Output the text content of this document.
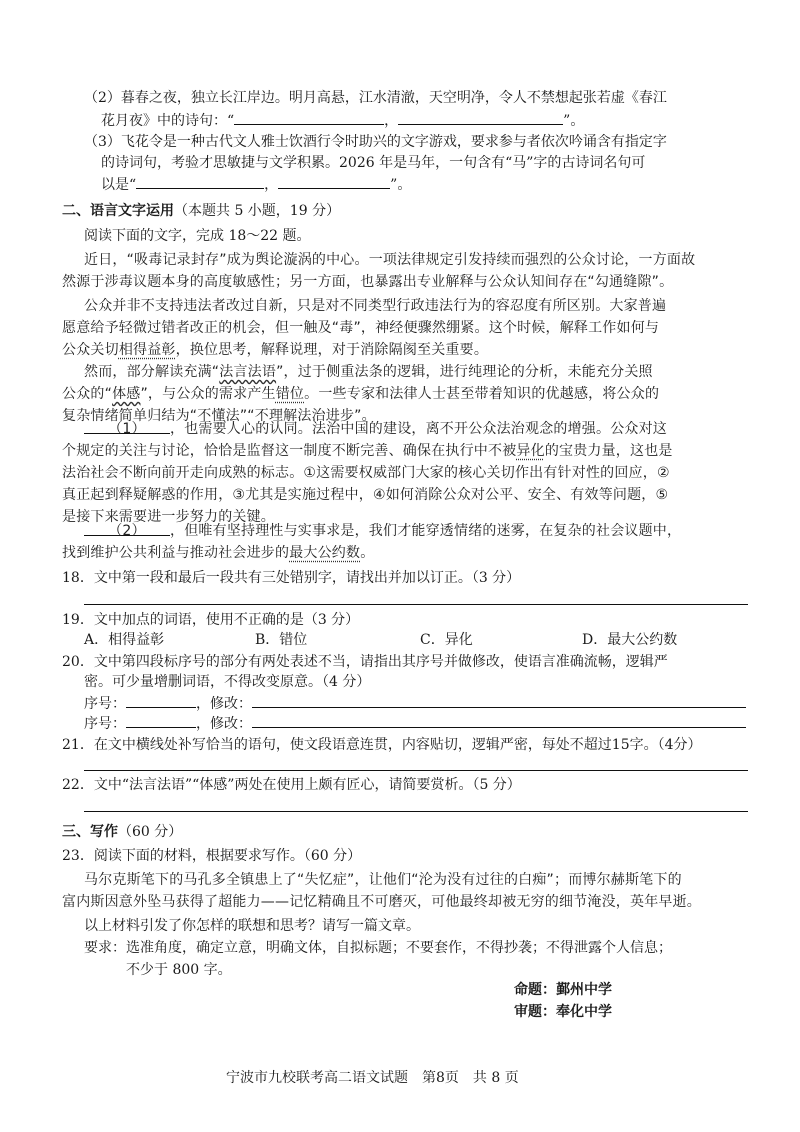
（2）暮春之夜，独立长江岸边。明月高悬，江水清澈，天空明净，令人不禁想起张若虚《春江
花月夜》中的诗句：“	，	”。
（3）飞花令是一种古代文人雅士饮酒行令时助兴的文字游戏，要求参与者依次吟诵含有指定字
的诗词句，考验才思敏捷与文学积累。2026 年是马年，一句含有“马”字的古诗词名句可
以是“	，	”。
二、语言文字运用（本题共 5 小题，19 分）
阅读下面的文字，完成 18～22 题。
近日，“吸毒记录封存”成为舆论漩涡的中心。一项法律规定引发持续而强烈的公众讨论，一方面故
然源于涉毒议题本身的高度敏感性；另一方面，也暴露出专业解释与公众认知间存在“勾通缝隙”。
公众并非不支持违法者改过自新，只是对不同类型行政违法行为的容忍度有所区别。大家普遍
愿意给予轻微过错者改正的机会，但一触及“毒”，神经便骤然绷紧。这个时候，解释工作如何与
公众关切相得益彰，换位思考，解释说理，对于消除隔阂至关重要。
然而，部分解读充满“法言法语”，过于侧重法条的逻辑，进行纯理论的分析，未能充分关照
公众的“体感”，与公众的需求产生错位。一些专家和法律人士甚至带着知识的优越感，将公众的
复杂情绪简单归结为“不懂法”“不理解法治进步”。
（1） ，也需要人心的认同。法治中国的建设，离不开公众法治观念的增强。公众对这
个规定的关注与讨论，恰恰是监督这一制度不断完善、确保在执行中不被异化的宝贵力量，这也是
法治社会不断向前开走向成熟的标志。①这需要权威部门大家的核心关切作出有针对性的回应，②
真正起到释疑解惑的作用，③尤其是实施过程中，④如何消除公众对公平、安全、有效等问题，⑤
是接下来需要进一步努力的关键。
（2） ，但唯有坚持理性与实事求是，我们才能穿透情绪的迷雾，在复杂的社会议题中，
找到维护公共利益与推动社会进步的最大公约数。
18．文中第一段和最后一段共有三处错别字，请找出并加以订正。（3 分）
19．文中加点的词语，使用不正确的是（3 分）
A．相得益彰	B．错位	C．异化	D．最大公约数
20．文中第四段标序号的部分有两处表述不当，请指出其序号并做修改，使语言准确流畅，逻辑严
密。可少量增删词语，不得改变原意。（4 分）
序号：	，修改：
序号：	，修改：
21．在文中横线处补写恰当的语句，使文段语意连贯，内容贴切，逻辑严密，每处不超过15字。（4分）
22．文中“法言法语”“体感”两处在使用上颇有匠心，请简要赏析。（5 分）
三、写作（60 分）
23．阅读下面的材料，根据要求写作。（60 分）
马尔克斯笔下的马孔多全镇患上了“失忆症”，让他们“沦为没有过往的白痴”；而博尔赫斯笔下的
富内斯因意外坠马获得了超能力——记忆精确且不可磨灭，可他最终却被无穷的细节淹没，英年早逝。
以上材料引发了你怎样的联想和思考？请写一篇文章。
要求：选准角度，确定立意，明确文体，自拟标题；不要套作，不得抄袭；不得泄露个人信息；
不少于 800 字。
命题：鄞州中学
审题：奉化中学
宁波市九校联考高二语文试题　第8页　共 8 页
